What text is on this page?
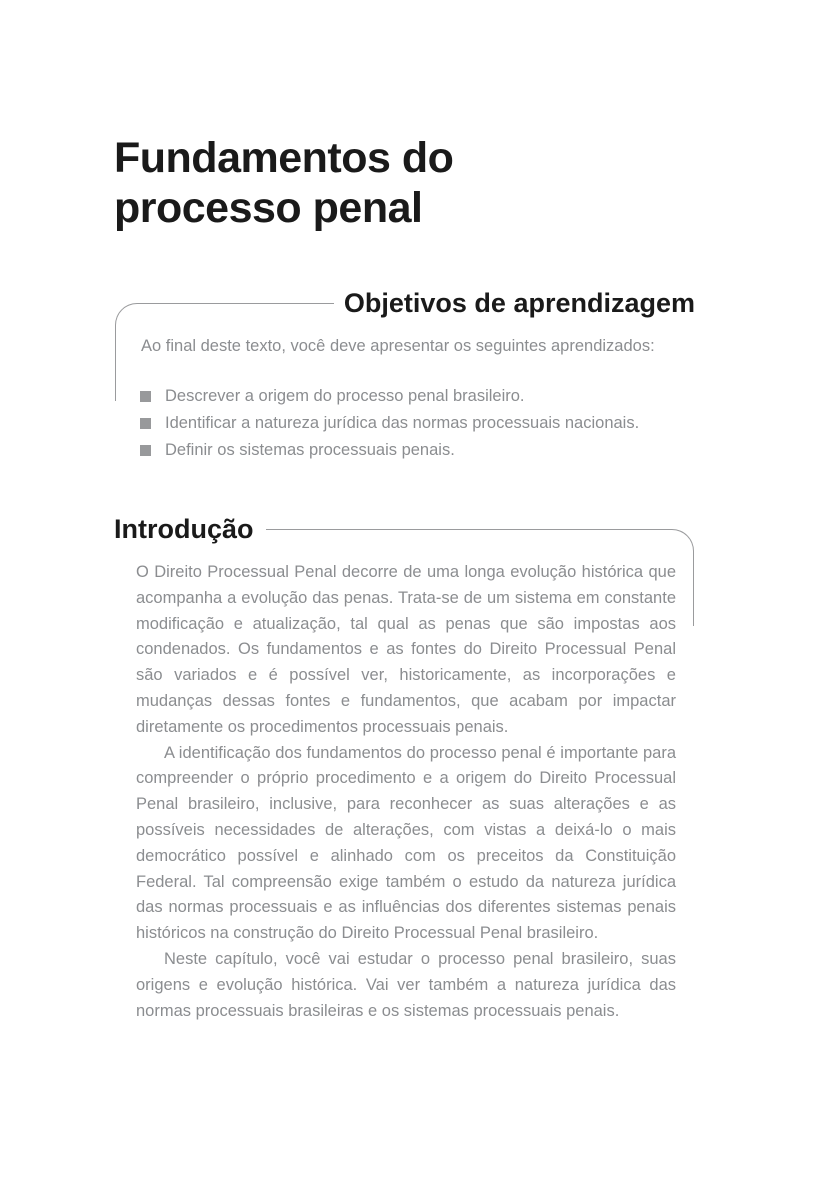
Fundamentos do
processo penal
Objetivos de aprendizagem

Ao final deste texto, você deve apresentar os seguintes aprendizados:

Descrever a origem do processo penal brasileiro.
Identificar a natureza jurídica das normas processuais nacionais.
Definir os sistemas processuais penais.
Introdução

O Direito Processual Penal decorre de uma longa evolução histórica que acompanha a evolução das penas. Trata-se de um sistema em constante modificação e atualização, tal qual as penas que são impostas aos condenados. Os fundamentos e as fontes do Direito Processual Penal são variados e é possível ver, historicamente, as incorporações e mudanças dessas fontes e fundamentos, que acabam por impactar diretamente os procedimentos processuais penais.

A identificação dos fundamentos do processo penal é importante para compreender o próprio procedimento e a origem do Direito Processual Penal brasileiro, inclusive, para reconhecer as suas alterações e as possíveis necessidades de alterações, com vistas a deixá-lo o mais democrático possível e alinhado com os preceitos da Constituição Federal. Tal compreensão exige também o estudo da natureza jurídica das normas processuais e as influências dos diferentes sistemas penais históricos na construção do Direito Processual Penal brasileiro.

Neste capítulo, você vai estudar o processo penal brasileiro, suas origens e evolução histórica. Vai ver também a natureza jurídica das normas processuais brasileiras e os sistemas processuais penais.
